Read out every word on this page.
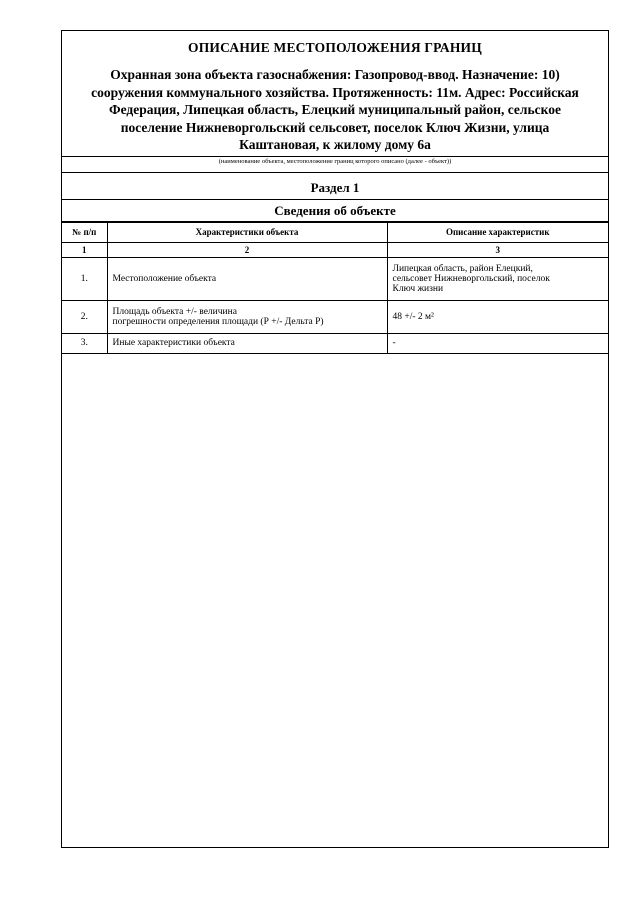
ОПИСАНИЕ МЕСТОПОЛОЖЕНИЯ ГРАНИЦ
Охранная зона объекта газоснабжения: Газопровод-ввод. Назначение: 10)
сооружения коммунального хозяйства. Протяженность: 11м. Адрес: Российская
Федерация, Липецкая область, Елецкий муниципальный район, сельское
поселение Нижневоргольский сельсовет, поселок Ключ Жизни, улица
Каштановая, к жилому дому 6а
(наименование объекта, местоположение границ которого описано (далее - объект))
Раздел 1
Сведения об объекте
№ п/п	Характеристики объекта	Описание характеристик
1	2	3
1.	Местоположение объекта	Липецкая область, район Елецкий,
сельсовет Нижневоргольский, поселок
Ключ жизни

2.	Площадь объекта +/- величина
погрешности определения площади (Р +/- Дельта Р)	48 +/- 2 м²

3.	Иные характеристики объекта	-
